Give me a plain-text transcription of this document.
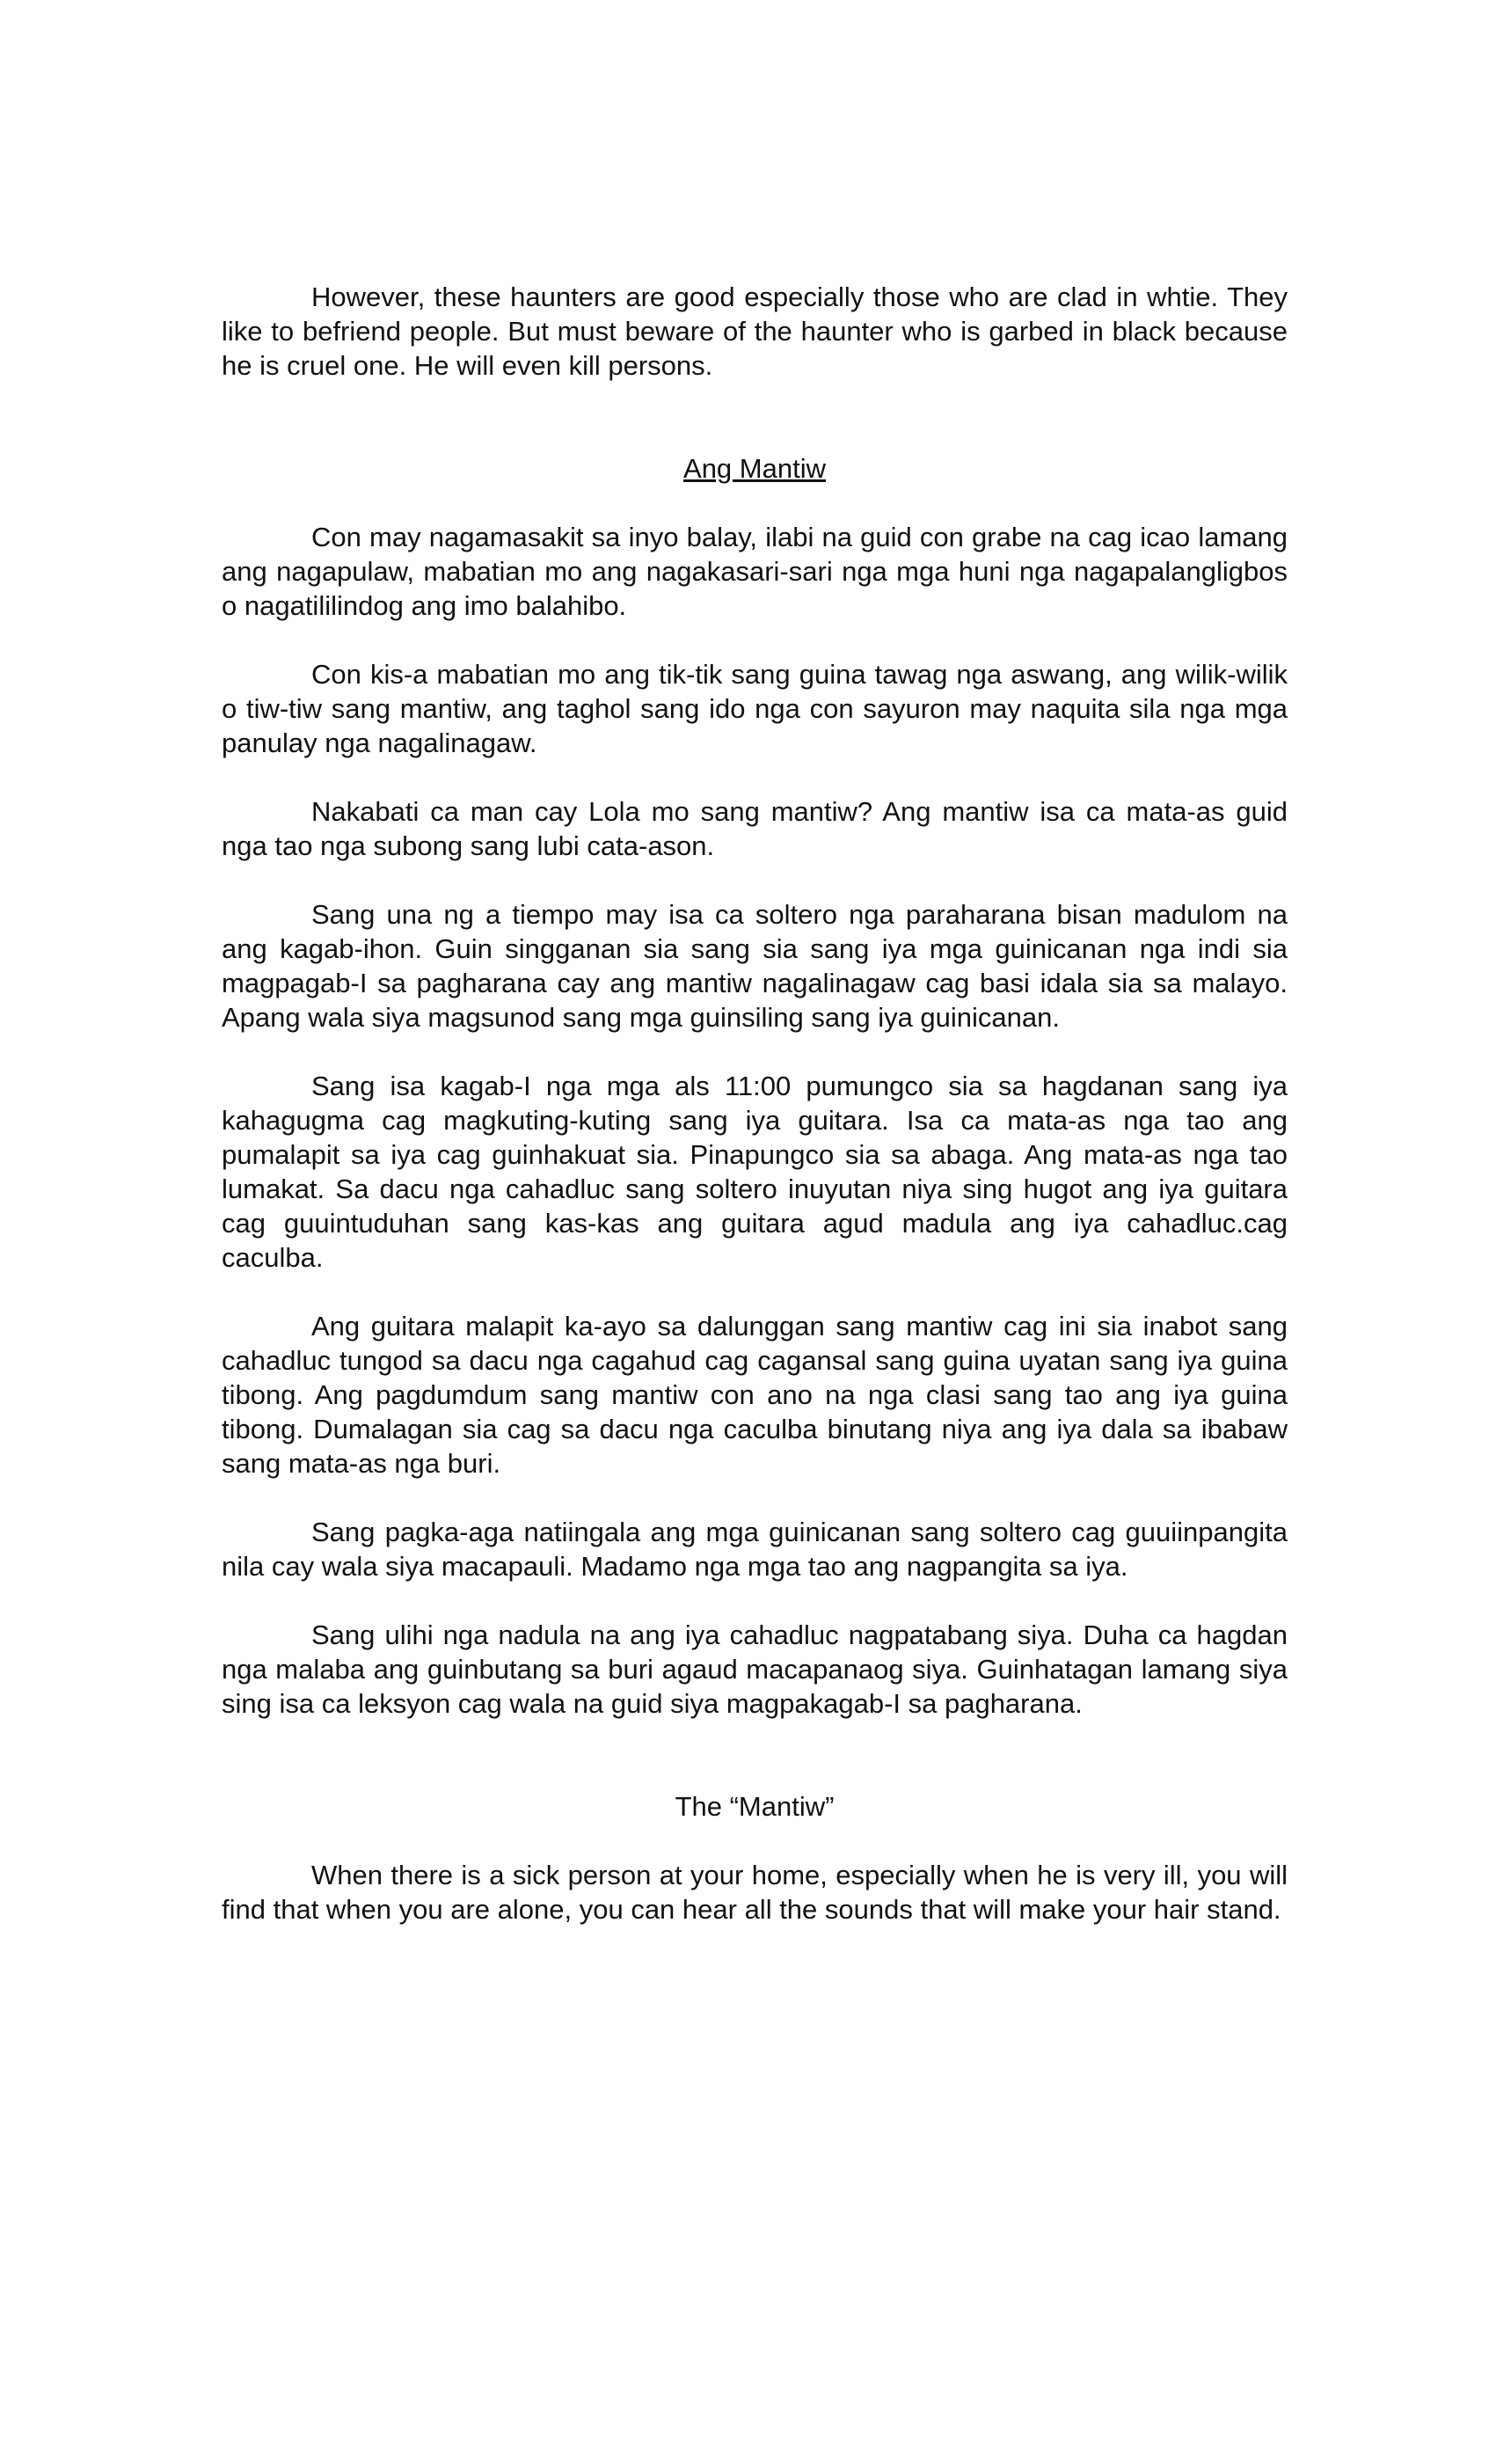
However, these haunters are good especially those who are clad in whtie. They like to befriend people. But must beware of the haunter who is garbed in black because he is cruel one. He will even kill persons.

Ang Mantiw

Con may nagamasakit sa inyo balay, ilabi na guid con grabe na cag icao lamang ang nagapulaw, mabatian mo ang nagakasari-sari nga mga huni nga nagapalangligbos o nagatililindog ang imo balahibo.

Con kis-a mabatian mo ang tik-tik sang guina tawag nga aswang, ang wilik-wilik o tiw-tiw sang mantiw, ang taghol sang ido nga con sayuron may naquita sila nga mga panulay nga nagalinagaw.

Nakabati ca man cay Lola mo sang mantiw? Ang mantiw isa ca mata-as guid nga tao nga subong sang lubi cata-ason.

Sang una ng a tiempo may isa ca soltero nga paraharana bisan madulom na ang kagab-ihon. Guin singganan sia sang sia sang iya mga guinicanan nga indi sia magpagab-I sa pagharana cay ang mantiw nagalinagaw cag basi idala sia sa malayo. Apang wala siya magsunod sang mga guinsiling sang iya guinicanan.

Sang isa kagab-I nga mga als 11:00 pumungco sia sa hagdanan sang iya kahagugma cag magkuting-kuting sang iya guitara. Isa ca mata-as nga tao ang pumalapit sa iya cag guinhakuat sia. Pinapungco sia sa abaga. Ang mata-as nga tao lumakat. Sa dacu nga cahadluc sang soltero inuyutan niya sing hugot ang iya guitara cag guuintuduhan sang kas-kas ang guitara agud madula ang iya cahadluc.cag caculba.

Ang guitara malapit ka-ayo sa dalunggan sang mantiw cag ini sia inabot sang cahadluc tungod sa dacu nga cagahud cag cagansal sang guina uyatan sang iya guina tibong. Ang pagdumdum sang mantiw con ano na nga clasi sang tao ang iya guina tibong. Dumalagan sia cag sa dacu nga caculba binutang niya ang iya dala sa ibabaw sang mata-as nga buri.

Sang pagka-aga natiingala ang mga guinicanan sang soltero cag guuiinpangita nila cay wala siya macapauli. Madamo nga mga tao ang nagpangita sa iya.

Sang ulihi nga nadula na ang iya cahadluc nagpatabang siya. Duha ca hagdan nga malaba ang guinbutang sa buri agaud macapanaog siya. Guinhatagan lamang siya sing isa ca leksyon cag wala na guid siya magpakagab-I sa pagharana.

The “Mantiw”

When there is a sick person at your home, especially when he is very ill, you will find that when you are alone, you can hear all the sounds that will make your hair stand.
